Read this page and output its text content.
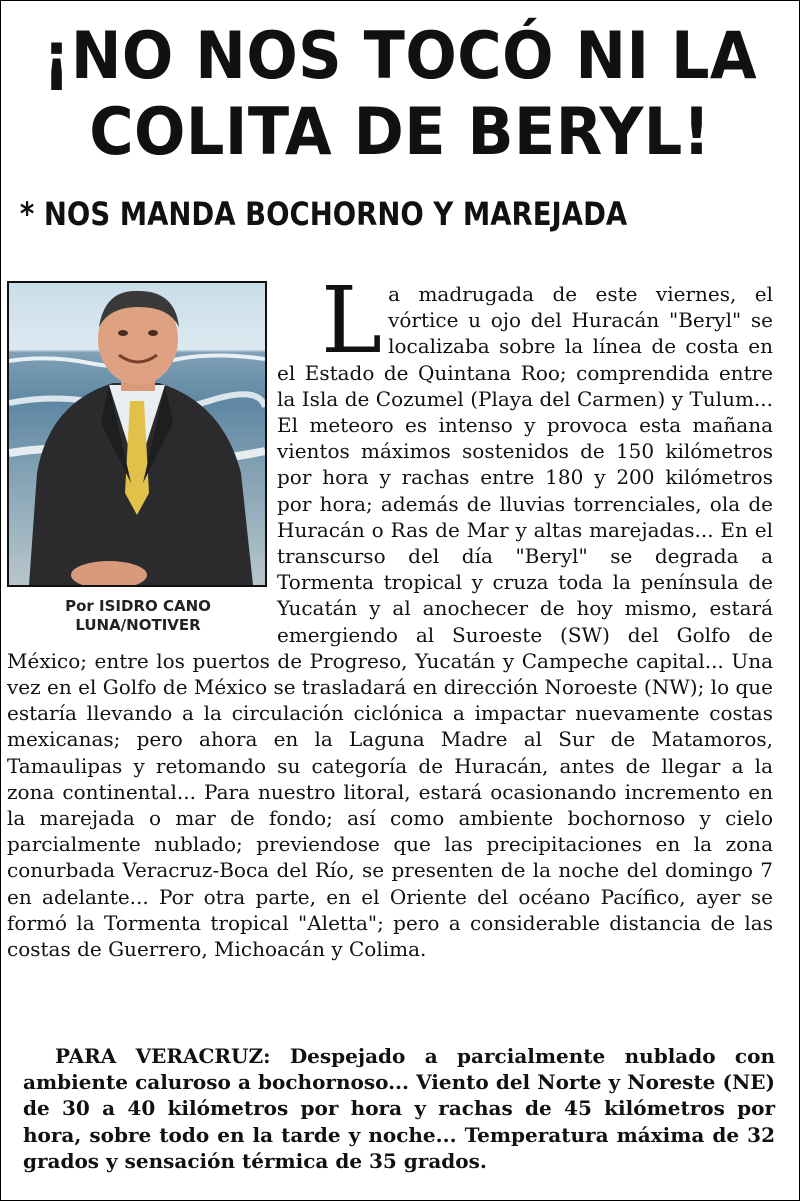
¡NO NOS TOCÓ NI LA COLITA DE BERYL!
* NOS MANDA BOCHORNO Y MAREJADA
Por ISIDRO CANO LUNA/NOTIVER
L a madrugada de este viernes, el vórtice u ojo del Huracán "Beryl" se localizaba sobre la línea de costa en el Estado de Quintana Roo; comprendida entre la Isla de Cozumel (Playa del Carmen) y Tulum... El meteoro es intenso y provoca esta mañana vientos máximos sostenidos de 150 kilómetros por hora y rachas entre 180 y 200 kilómetros por hora; además de lluvias torrenciales, ola de Huracán o Ras de Mar y altas marejadas... En el transcurso del día "Beryl" se degrada a Tormenta tropical y cruza toda la península de Yucatán y al anochecer de hoy mismo, estará emergiendo al Suroeste (SW) del Golfo de México; entre los puertos de Progreso, Yucatán y Campeche capital... Una vez en el Golfo de México se trasladará en dirección Noroeste (NW); lo que estaría llevando a la circulación ciclónica a impactar nuevamente costas mexicanas; pero ahora en la Laguna Madre al Sur de Matamoros, Tamaulipas y retomando su categoría de Huracán, antes de llegar a la zona continental... Para nuestro litoral, estará ocasionando incremento en la marejada o mar de fondo; así como ambiente bochornoso y cielo parcialmente nublado; previendose que las precipitaciones en la zona conurbada Veracruz-Boca del Río, se presenten de la noche del domingo 7 en adelante... Por otra parte, en el Oriente del océano Pacífico, ayer se formó la Tormenta tropical "Aletta"; pero a considerable distancia de las costas de Guerrero, Michoacán y Colima.

PARA VERACRUZ: Despejado a parcialmente nublado con ambiente caluroso a bochornoso... Viento del Norte y Noreste (NE) de 30 a 40 kilómetros por hora y rachas de 45 kilómetros por hora, sobre todo en la tarde y noche... Temperatura máxima de 32 grados y sensación térmica de 35 grados.
